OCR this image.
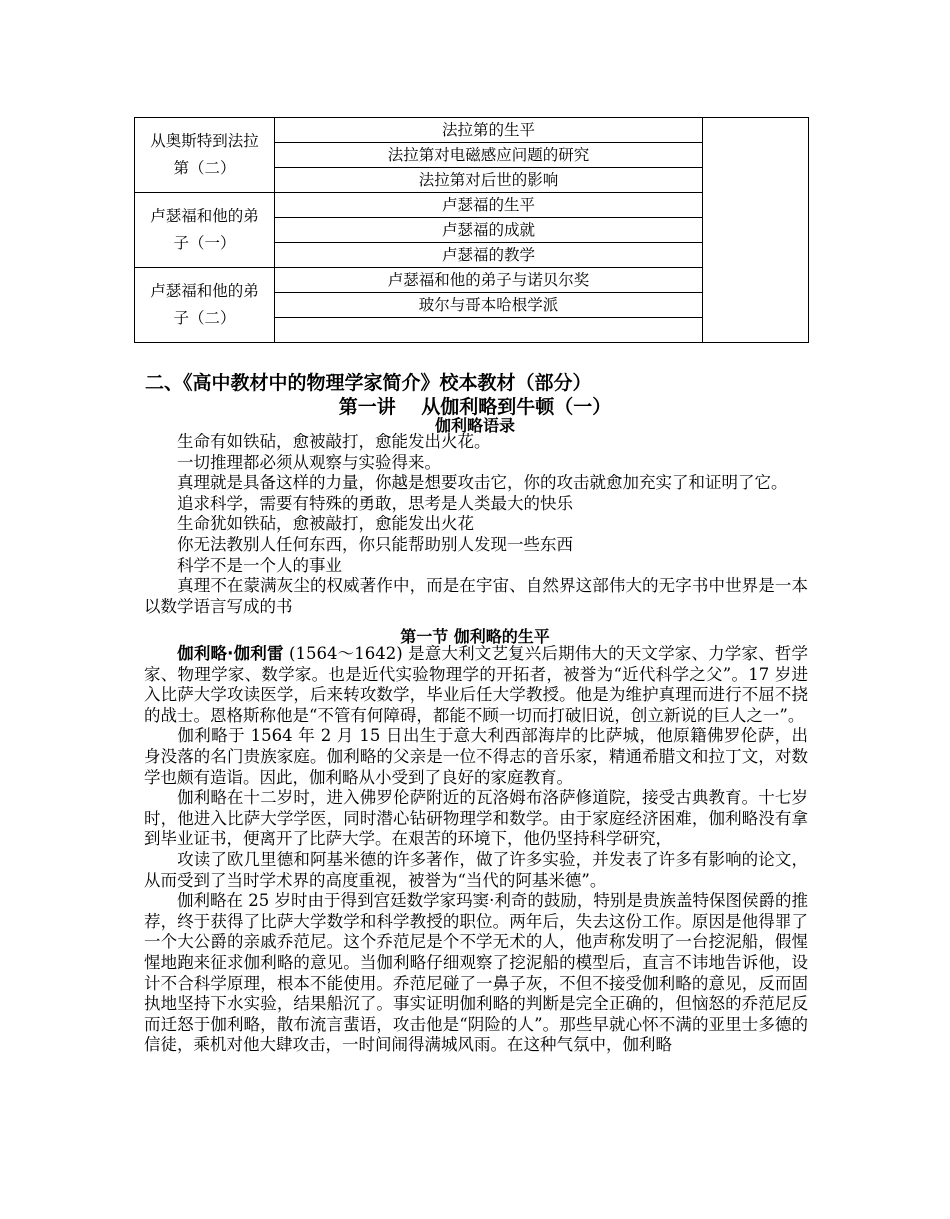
从奥斯特到法拉第（二）	法拉第的生平	
	法拉第对电磁感应问题的研究	
	法拉第对后世的影响	
卢瑟福和他的弟子（一）	卢瑟福的生平	
	卢瑟福的成就	
	卢瑟福的教学	
卢瑟福和他的弟子（二）	卢瑟福和他的弟子与诺贝尔奖	
	玻尔与哥本哈根学派	

二、《高中教材中的物理学家简介》校本教材（部分）
第一讲　 从伽利略到牛顿（一）
伽利略语录
生命有如铁砧，愈被敲打，愈能发出火花。
一切推理都必须从观察与实验得来。
真理就是具备这样的力量，你越是想要攻击它，你的攻击就愈加充实了和证明了它。
追求科学，需要有特殊的勇敢，思考是人类最大的快乐
生命犹如铁砧，愈被敲打，愈能发出火花
你无法教别人任何东西，你只能帮助别人发现一些东西
科学不是一个人的事业
真理不在蒙满灰尘的权威著作中，而是在宇宙、自然界这部伟大的无字书中世界是一本以数学语言写成的书
第一节 伽利略的生平
伽利略·伽利雷 (1564～1642) 是意大利文艺复兴后期伟大的天文学家、力学家、哲学家、物理学家、数学家。也是近代实验物理学的开拓者，被誉为“近代科学之父”。17 岁进入比萨大学攻读医学，后来转攻数学，毕业后任大学教授。他是为维护真理而进行不屈不挠的战士。恩格斯称他是“不管有何障碍，都能不顾一切而打破旧说，创立新说的巨人之一”。
伽利略于 1564 年 2 月 15 日出生于意大利西部海岸的比萨城，他原籍佛罗伦萨，出身没落的名门贵族家庭。伽利略的父亲是一位不得志的音乐家，精通希腊文和拉丁文，对数学也颇有造诣。因此，伽利略从小受到了良好的家庭教育。
伽利略在十二岁时，进入佛罗伦萨附近的瓦洛姆布洛萨修道院，接受古典教育。十七岁时，他进入比萨大学学医，同时潜心钻研物理学和数学。由于家庭经济困难，伽利略没有拿到毕业证书，便离开了比萨大学。在艰苦的环境下，他仍坚持科学研究，
攻读了欧几里德和阿基米德的许多著作，做了许多实验，并发表了许多有影响的论文，从而受到了当时学术界的高度重视，被誉为“当代的阿基米德”。
伽利略在 25 岁时由于得到宫廷数学家玛窦·利奇的鼓励，特别是贵族盖特保图侯爵的推荐，终于获得了比萨大学数学和科学教授的职位。两年后，失去这份工作。原因是他得罪了一个大公爵的亲戚乔范尼。这个乔范尼是个不学无术的人，他声称发明了一台挖泥船，假惺惺地跑来征求伽利略的意见。当伽利略仔细观察了挖泥船的模型后，直言不讳地告诉他，设计不合科学原理，根本不能使用。乔范尼碰了一鼻子灰，不但不接受伽利略的意见，反而固执地坚持下水实验，结果船沉了。事实证明伽利略的判断是完全正确的，但恼怒的乔范尼反而迁怒于伽利略，散布流言蜚语，攻击他是“阴险的人”。那些早就心怀不满的亚里士多德的信徒，乘机对他大肆攻击，一时间闹得满城风雨。在这种气氛中，伽利略
